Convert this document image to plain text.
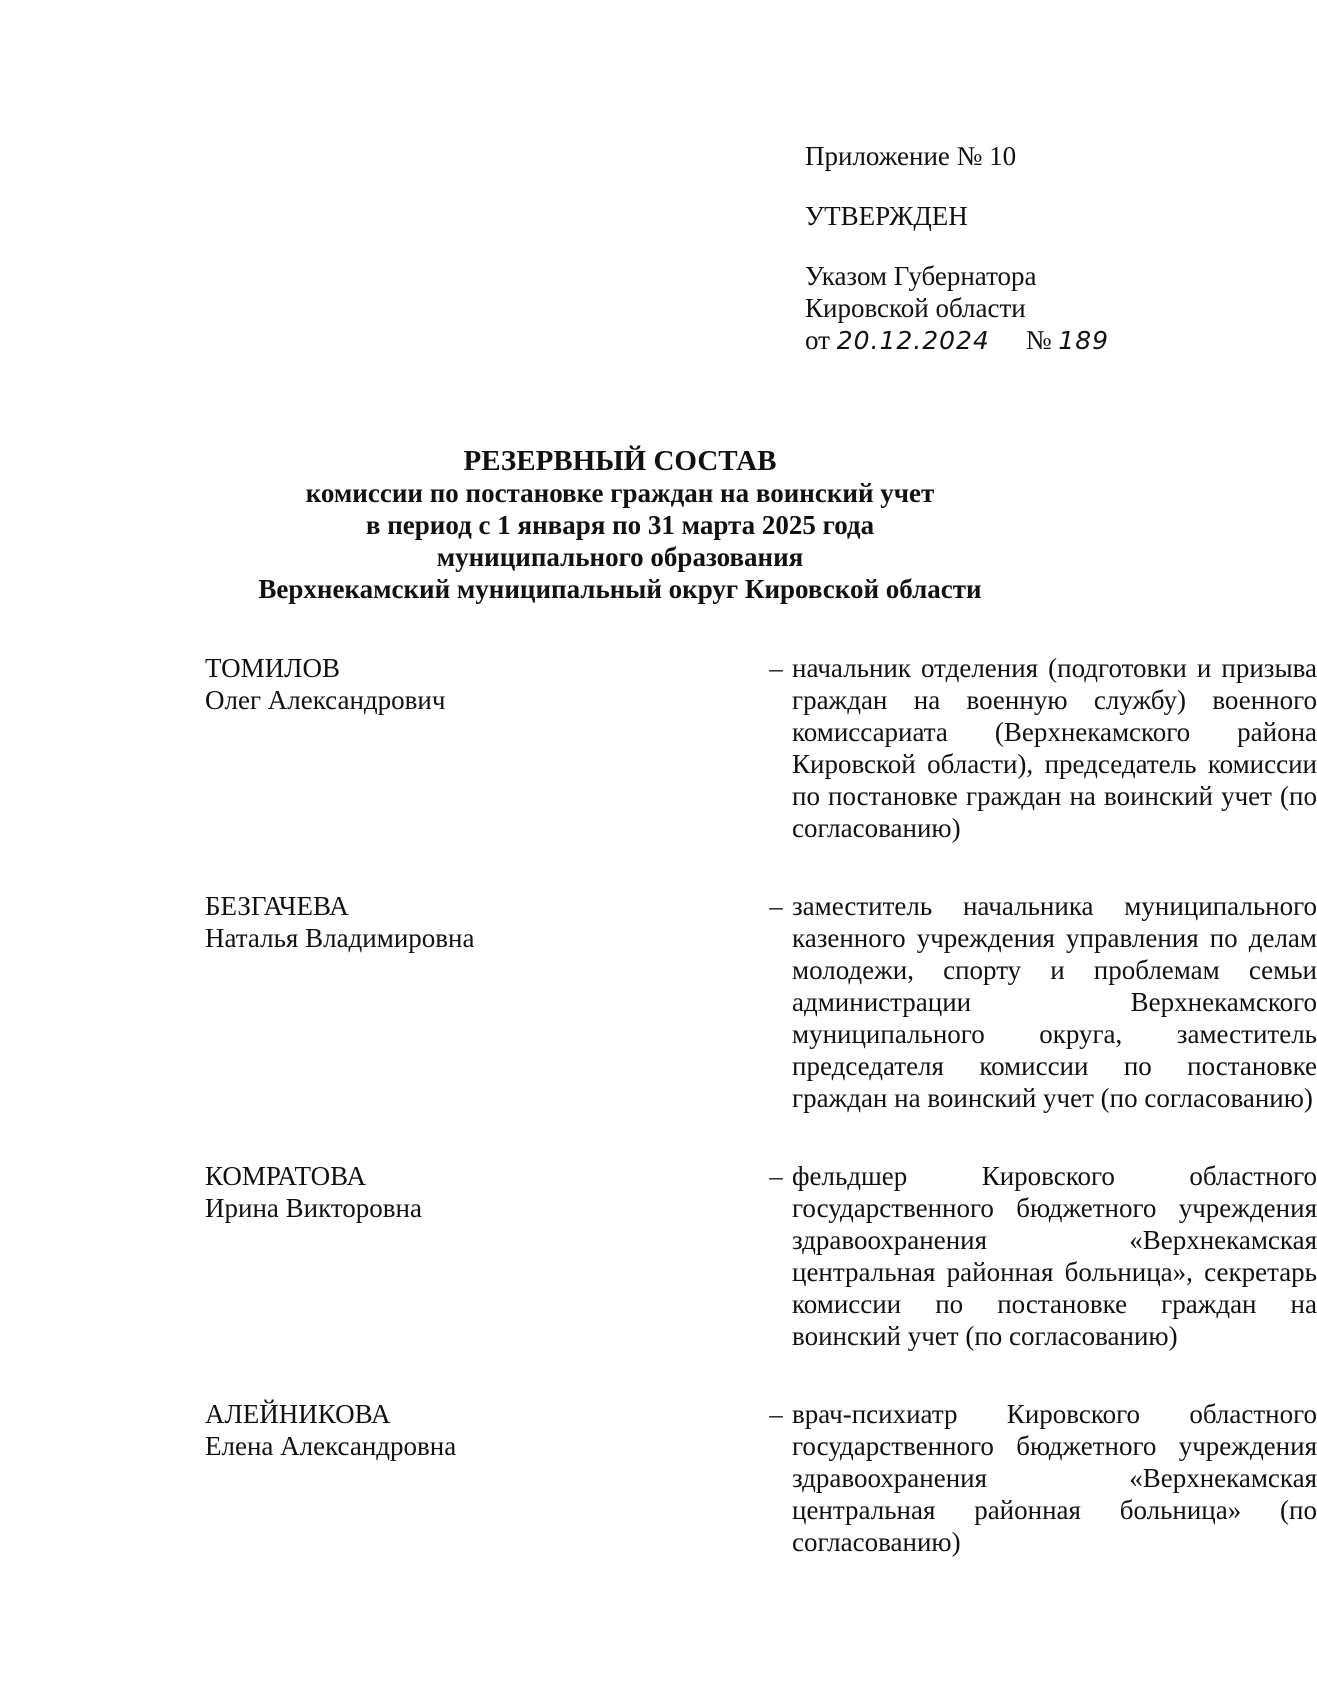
Приложение № 10
УТВЕРЖДЕН
Указом Губернатора
Кировской области
от 20.12.2024 № 189
РЕЗЕРВНЫЙ СОСТАВ
комиссии по постановке граждан на воинский учет
в период с 1 января по 31 марта 2025 года
муниципального образования
Верхнекамский муниципальный округ Кировской области
ТОМИЛОВ
Олег Александрович
– начальник отделения (подготовки и призыва граждан на военную службу) военного комиссариата (Верхнекамского района Кировской области), председатель комиссии по постановке граждан на воинский учет (по согласованию)
БЕЗГАЧЕВА
Наталья Владимировна
– заместитель начальника муниципального казенного учреждения управления по делам молодежи, спорту и проблемам семьи администрации Верхнекамского муниципального округа, заместитель председателя комиссии по постановке граждан на воинский учет (по согласованию)
КОМРАТОВА
Ирина Викторовна
– фельдшер Кировского областного государственного бюджетного учреждения здравоохранения «Верхнекамская центральная районная больница», секретарь комиссии по постановке граждан на воинский учет (по согласованию)
АЛЕЙНИКОВА
Елена Александровна
– врач-психиатр Кировского областного государственного бюджетного учреждения здравоохранения «Верхнекамская центральная районная больница» (по согласованию)
